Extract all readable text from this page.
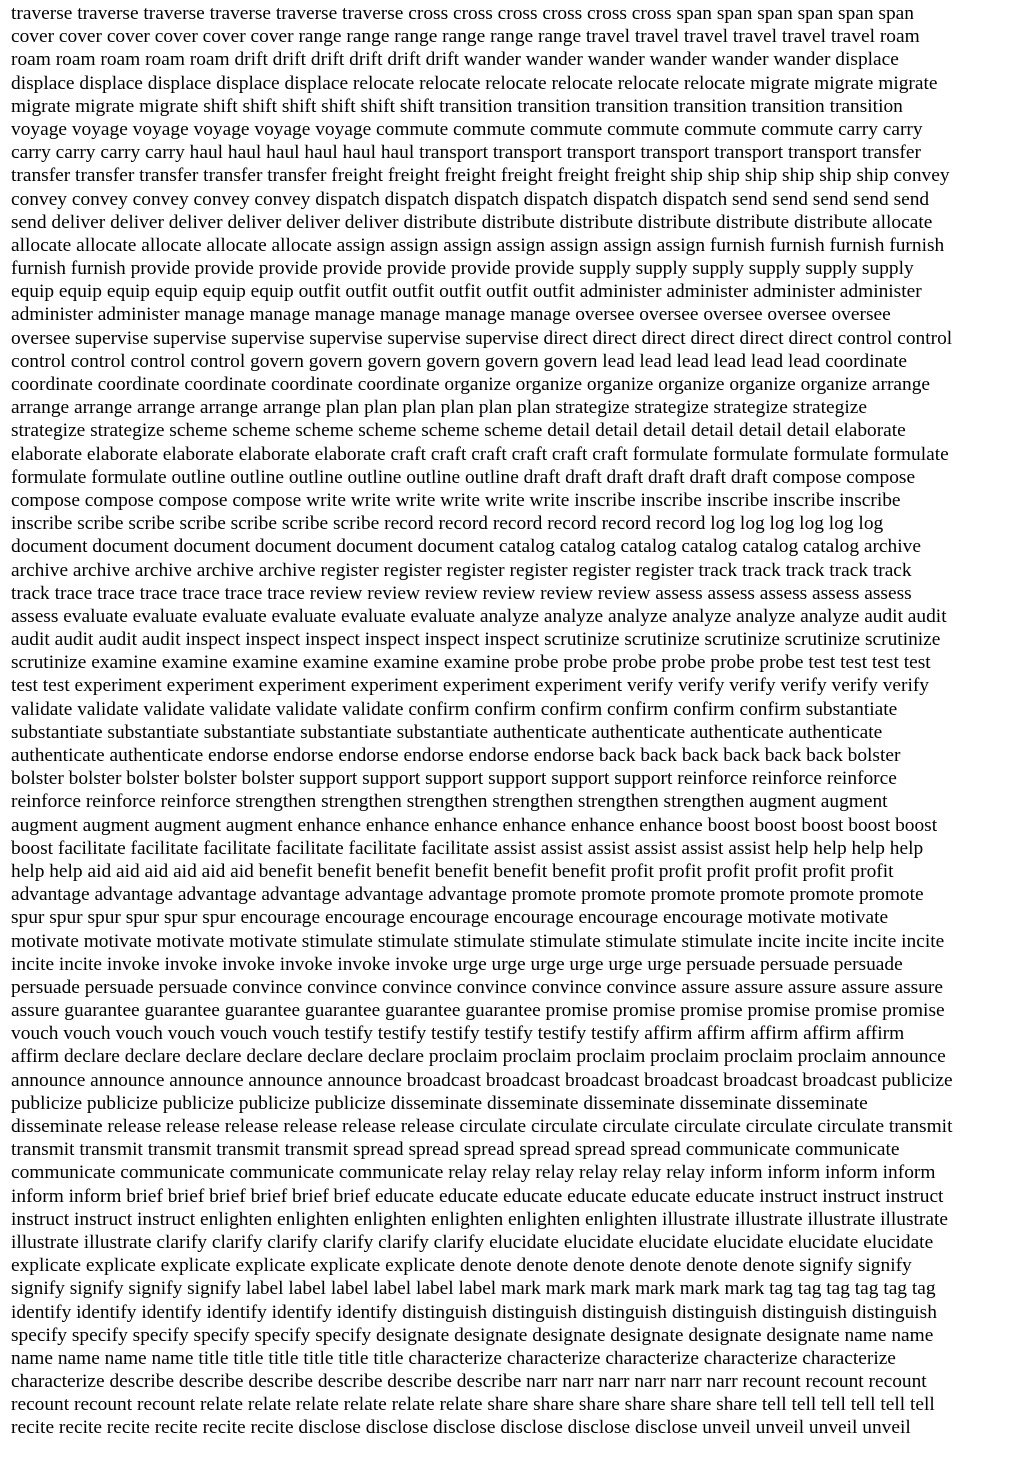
traverse traverse traverse traverse traverse traverse cross cross cross cross cross cross span span span span span span
cover cover cover cover cover cover range range range range range range travel travel travel travel travel travel roam
roam roam roam roam roam drift drift drift drift drift drift wander wander wander wander wander wander displace
displace displace displace displace displace relocate relocate relocate relocate relocate relocate migrate migrate migrate
migrate migrate migrate shift shift shift shift shift shift transition transition transition transition transition transition
voyage voyage voyage voyage voyage voyage commute commute commute commute commute commute carry carry
carry carry carry carry haul haul haul haul haul haul transport transport transport transport transport transport transfer
transfer transfer transfer transfer transfer freight freight freight freight freight freight ship ship ship ship ship ship convey
convey convey convey convey convey dispatch dispatch dispatch dispatch dispatch dispatch send send send send send
send deliver deliver deliver deliver deliver deliver distribute distribute distribute distribute distribute distribute allocate
allocate allocate allocate allocate allocate assign assign assign assign assign assign assign furnish furnish furnish furnish
furnish furnish provide provide provide provide provide provide provide supply supply supply supply supply supply
equip equip equip equip equip equip outfit outfit outfit outfit outfit outfit administer administer administer administer
administer administer manage manage manage manage manage manage oversee oversee oversee oversee oversee
oversee supervise supervise supervise supervise supervise supervise direct direct direct direct direct direct control control
control control control control govern govern govern govern govern govern lead lead lead lead lead lead coordinate
coordinate coordinate coordinate coordinate coordinate organize organize organize organize organize organize arrange
arrange arrange arrange arrange arrange plan plan plan plan plan plan strategize strategize strategize strategize
strategize strategize scheme scheme scheme scheme scheme scheme detail detail detail detail detail detail elaborate
elaborate elaborate elaborate elaborate elaborate craft craft craft craft craft craft formulate formulate formulate formulate
formulate formulate outline outline outline outline outline outline draft draft draft draft draft draft compose compose
compose compose compose compose write write write write write write inscribe inscribe inscribe inscribe inscribe
inscribe scribe scribe scribe scribe scribe scribe record record record record record record log log log log log log
document document document document document document catalog catalog catalog catalog catalog catalog archive
archive archive archive archive archive register register register register register register track track track track track
track trace trace trace trace trace trace review review review review review review assess assess assess assess assess
assess evaluate evaluate evaluate evaluate evaluate evaluate analyze analyze analyze analyze analyze analyze audit audit
audit audit audit audit inspect inspect inspect inspect inspect inspect scrutinize scrutinize scrutinize scrutinize scrutinize
scrutinize examine examine examine examine examine examine probe probe probe probe probe probe test test test test
test test experiment experiment experiment experiment experiment experiment verify verify verify verify verify verify
validate validate validate validate validate validate confirm confirm confirm confirm confirm confirm substantiate
substantiate substantiate substantiate substantiate substantiate authenticate authenticate authenticate authenticate
authenticate authenticate endorse endorse endorse endorse endorse endorse back back back back back back bolster
bolster bolster bolster bolster bolster support support support support support support reinforce reinforce reinforce
reinforce reinforce reinforce strengthen strengthen strengthen strengthen strengthen strengthen augment augment
augment augment augment augment enhance enhance enhance enhance enhance enhance boost boost boost boost boost
boost facilitate facilitate facilitate facilitate facilitate facilitate assist assist assist assist assist assist help help help help
help help aid aid aid aid aid aid benefit benefit benefit benefit benefit benefit profit profit profit profit profit profit
advantage advantage advantage advantage advantage advantage promote promote promote promote promote promote
spur spur spur spur spur spur encourage encourage encourage encourage encourage encourage motivate motivate
motivate motivate motivate motivate stimulate stimulate stimulate stimulate stimulate stimulate incite incite incite incite
incite incite invoke invoke invoke invoke invoke invoke urge urge urge urge urge urge persuade persuade persuade
persuade persuade persuade convince convince convince convince convince convince assure assure assure assure assure
assure guarantee guarantee guarantee guarantee guarantee guarantee promise promise promise promise promise promise
vouch vouch vouch vouch vouch vouch testify testify testify testify testify testify affirm affirm affirm affirm affirm
affirm declare declare declare declare declare declare proclaim proclaim proclaim proclaim proclaim proclaim announce
announce announce announce announce announce broadcast broadcast broadcast broadcast broadcast broadcast publicize
publicize publicize publicize publicize publicize disseminate disseminate disseminate disseminate disseminate
disseminate release release release release release release circulate circulate circulate circulate circulate circulate transmit
transmit transmit transmit transmit transmit spread spread spread spread spread spread communicate communicate
communicate communicate communicate communicate relay relay relay relay relay relay inform inform inform inform
inform inform brief brief brief brief brief brief educate educate educate educate educate educate instruct instruct instruct
instruct instruct instruct enlighten enlighten enlighten enlighten enlighten enlighten illustrate illustrate illustrate illustrate
illustrate illustrate clarify clarify clarify clarify clarify clarify elucidate elucidate elucidate elucidate elucidate elucidate
explicate explicate explicate explicate explicate explicate denote denote denote denote denote denote signify signify
signify signify signify signify label label label label label label mark mark mark mark mark mark tag tag tag tag tag tag
identify identify identify identify identify identify distinguish distinguish distinguish distinguish distinguish distinguish
specify specify specify specify specify specify designate designate designate designate designate designate name name
name name name name title title title title title title characterize characterize characterize characterize characterize
characterize describe describe describe describe describe describe narr narr narr narr narr narr recount recount recount
recount recount recount relate relate relate relate relate relate share share share share share share tell tell tell tell tell tell
recite recite recite recite recite recite disclose disclose disclose disclose disclose disclose unveil unveil unveil unveil
